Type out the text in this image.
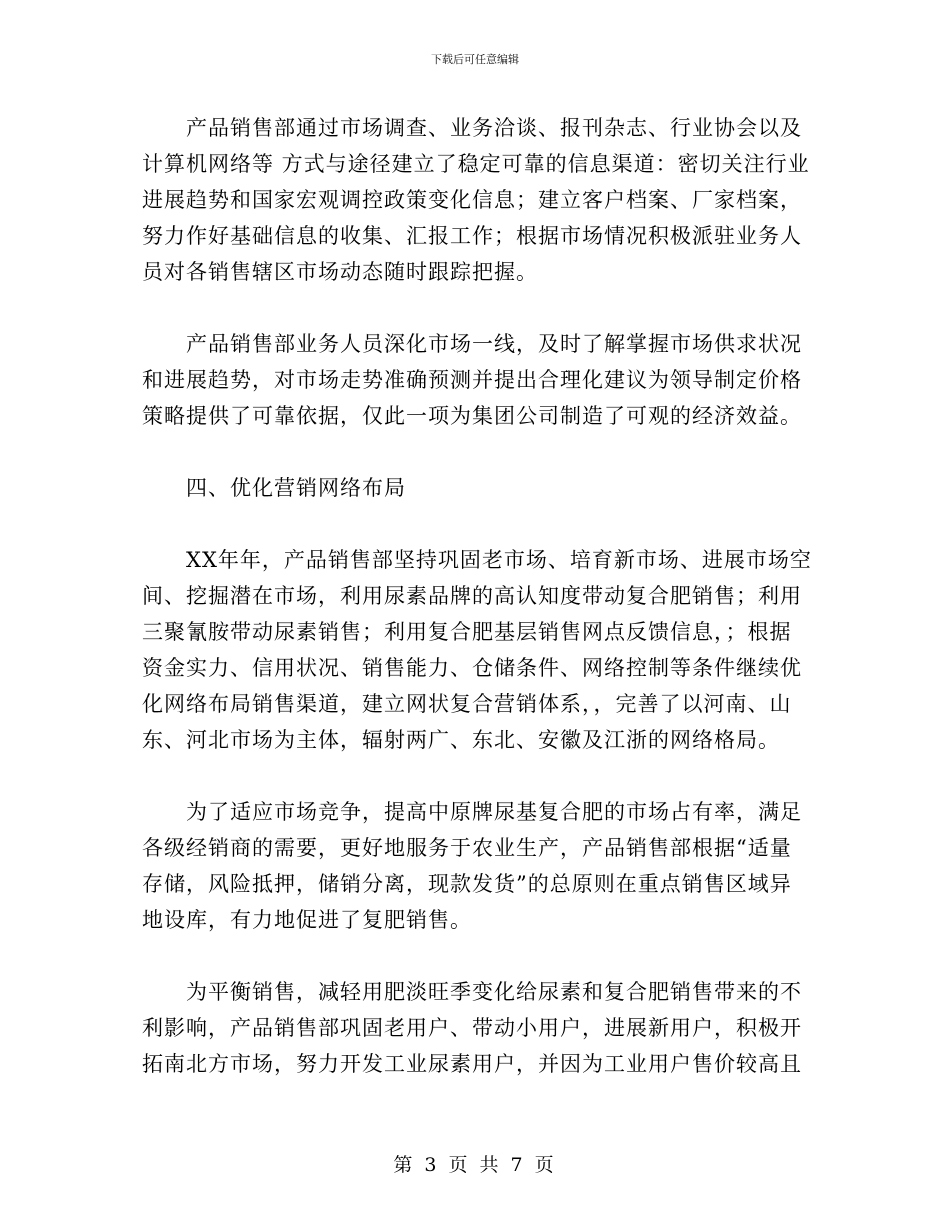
下载后可任意编辑

产品销售部通过市场调查、业务洽谈、报刊杂志、行业协会以及
计算机网络等 方式与途径建立了稳定可靠的信息渠道：密切关注行业
进展趋势和国家宏观调控政策变化信息；建立客户档案、厂家档案，
努力作好基础信息的收集、汇报工作；根据市场情况积极派驻业务人
员对各销售辖区市场动态随时跟踪把握。

产品销售部业务人员深化市场一线，及时了解掌握市场供求状况
和进展趋势，对市场走势准确预测并提出合理化建议为领导制定价格
策略提供了可靠依据，仅此一项为集团公司制造了可观的经济效益。

四、优化营销网络布局

XX年年，产品销售部坚持巩固老市场、培育新市场、进展市场空
间、挖掘潜在市场，利用尿素品牌的高认知度带动复合肥销售；利用
三聚氰胺带动尿素销售；利用复合肥基层销售网点反馈信息，；根据
资金实力、信用状况、销售能力、仓储条件、网络控制等条件继续优
化网络布局销售渠道，建立网状复合营销体系，，完善了以河南、山
东、河北市场为主体，辐射两广、东北、安徽及江浙的网络格局。

为了适应市场竞争，提高中原牌尿基复合肥的市场占有率，满足
各级经销商的需要，更好地服务于农业生产，产品销售部根据“适量
存储，风险抵押，储销分离，现款发货”的总原则在重点销售区域异
地设库，有力地促进了复肥销售。

为平衡销售，减轻用肥淡旺季变化给尿素和复合肥销售带来的不
利影响，产品销售部巩固老用户、带动小用户，进展新用户，积极开
拓南北方市场，努力开发工业尿素用户，并因为工业用户售价较高且

第 3 页 共 7 页
